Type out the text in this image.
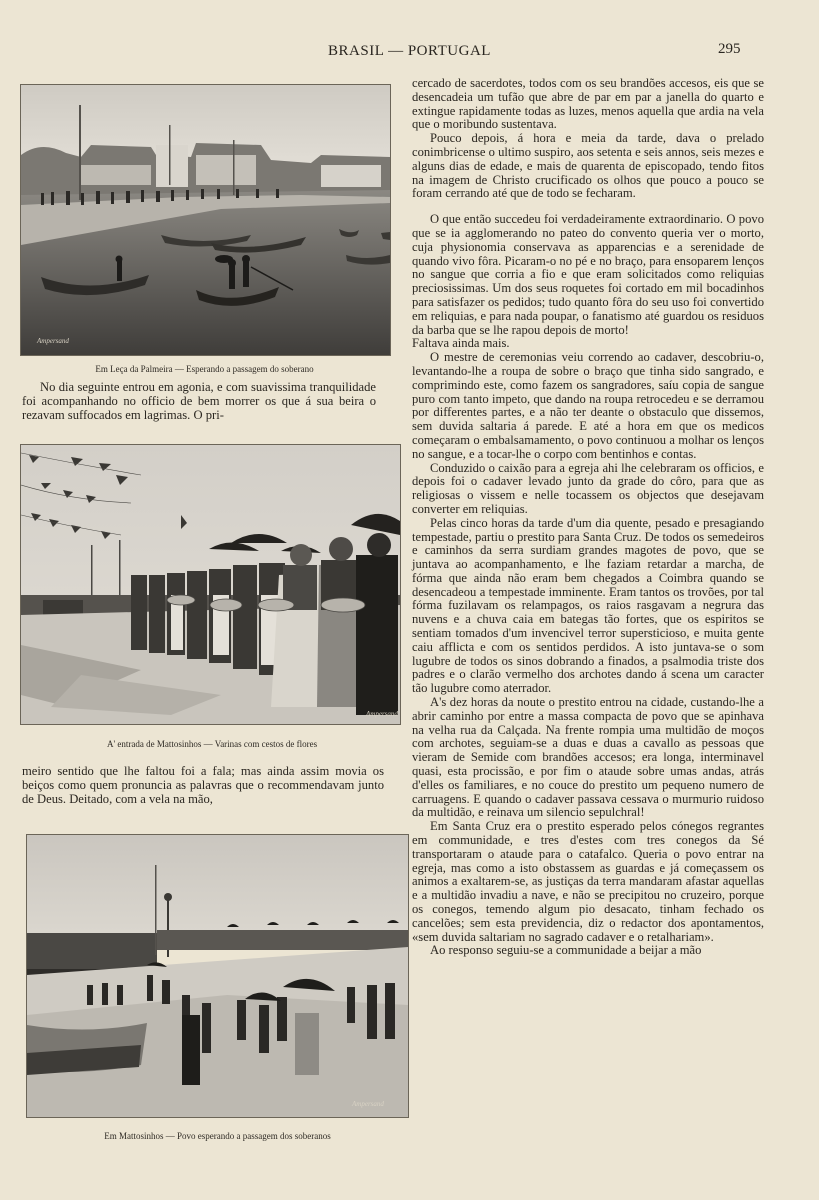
BRASIL — PORTUGAL	295
Ampersand
Em Leça da Palmeira — Esperando a passagem do soberano

No dia seguinte entrou em agonia, e com suavissima tranquilidade foi acompanhando no officio de bem morrer os que á sua beira o rezavam suffocados em lagrimas. O pri-

Ampersand
A' entrada de Mattosinhos — Varinas com cestos de flores

meiro sentido que lhe faltou foi a fala; mas ainda assim movia os beiços como quem pronuncia as palavras que o recommendavam junto de Deus. Deitado, com a vela na mão,

Ampersand
Em Mattosinhos — Povo esperando a passagem dos soberanos

cercado de sacerdotes, todos com os seu brandões accesos, eis que se desencadeia um tufão que abre de par em par a janella do quarto e extingue rapidamente todas as luzes, menos aquella que ardia na vela que o moribundo sustentava.

Pouco depois, á hora e meia da tarde, dava o prelado conimbricense o ultimo suspiro, aos setenta e seis annos, seis mezes e alguns dias de edade, e mais de quarenta de episcopado, tendo fitos na imagem de Christo crucificado os olhos que pouco a pouco se foram cerrando até que de todo se fecharam.

O que então succedeu foi verdadeiramente extraordinario. O povo que se ia agglomerando no pateo do convento queria ver o morto, cuja physionomia conservava as apparencias e a serenidade de quando vivo fôra. Picaram-o no pé e no braço, para ensoparem lenços no sangue que corria a fio e que eram solicitados como reliquias preciosissimas. Um dos seus roquetes foi cortado em mil bocadinhos para satisfazer os pedidos; tudo quanto fôra do seu uso foi convertido em reliquias, e para nada poupar, o fanatismo até guardou os residuos da barba que se lhe rapou depois de morto!

Faltava ainda mais.

O mestre de ceremonias veiu correndo ao cadaver, descobriu-o, levantando-lhe a roupa de sobre o braço que tinha sido sangrado, e comprimindo este, como fazem os sangradores, saíu copia de sangue puro com tanto impeto, que dando na roupa retrocedeu e se derramou por differentes partes, e a não ter deante o obstaculo que dissemos, sem duvida saltaria á parede. E até a hora em que os medicos começaram o embalsamamento, o povo continuou a molhar os lenços no sangue, e a tocar-lhe o corpo com bentinhos e contas.

Conduzido o caixão para a egreja ahi lhe celebraram os officios, e depois foi o cadaver levado junto da grade do côro, para que as religiosas o vissem e nelle tocassem os objectos que desejavam converter em reliquias.

Pelas cinco horas da tarde d'um dia quente, pesado e presagiando tempestade, partiu o prestito para Santa Cruz. De todos os semedeiros e caminhos da serra surdiam grandes magotes de povo, que se juntava ao acompanhamento, e lhe faziam retardar a marcha, de fórma que ainda não eram bem chegados a Coimbra quando se desencadeou a tempestade imminente. Eram tantos os trovões, por tal fórma fuzilavam os relampagos, os raios rasgavam a negrura das nuvens e a chuva caia em bategas tão fortes, que os espiritos se sentiam tomados d'um invencivel terror supersticioso, e muita gente caiu afflicta e com os sentidos perdidos. A isto juntava-se o som lugubre de todos os sinos dobrando a finados, a psalmodia triste dos padres e o clarão vermelho dos archotes dando á scena um caracter tão lugubre como aterrador.

A's dez horas da noute o prestito entrou na cidade, custando-lhe a abrir caminho por entre a massa compacta de povo que se apinhava na velha rua da Calçada. Na frente rompia uma multidão de moços com archotes, seguiam-se a duas e duas a cavallo as pessoas que vieram de Semide com brandões accesos; era longa, interminavel quasi, esta procissão, e por fim o ataude sobre umas andas, atrás d'elles os familiares, e no couce do prestito um pequeno numero de carruagens. E quando o cadaver passava cessava o murmurio ruidoso da multidão, e reinava um silencio sepulchral!

Em Santa Cruz era o prestito esperado pelos cónegos regrantes em communidade, e tres d'estes com tres conegos da Sé transportaram o ataude para o catafalco. Queria o povo entrar na egreja, mas como a isto obstassem as guardas e já começassem os animos a exaltarem-se, as justiças da terra mandaram afastar aquellas e a multidão invadiu a nave, e não se precipitou no cruzeiro, porque os conegos, temendo algum pio desacato, tinham fechado os cancelões; sem esta previdencia, diz o redactor dos apontamentos, «sem duvida saltariam no sagrado cadaver e o retalhariam».

Ao responso seguiu-se a communidade a beijar a mão
